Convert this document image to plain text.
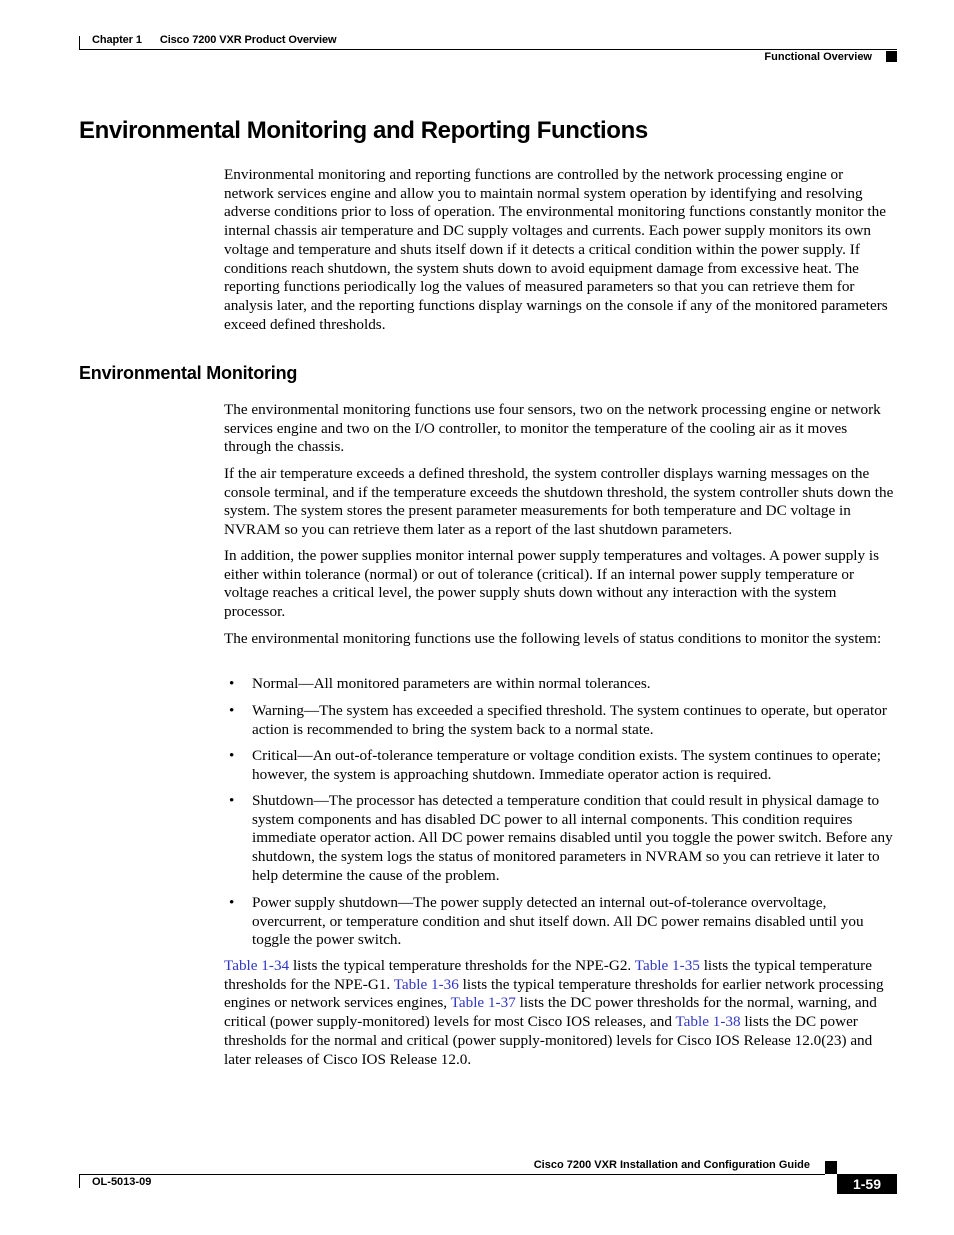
Chapter 1 Cisco 7200 VXR Product Overview
Functional Overview
Environmental Monitoring and Reporting Functions

Environmental monitoring and reporting functions are controlled by the network processing engine or network services engine and allow you to maintain normal system operation by identifying and resolving adverse conditions prior to loss of operation. The environmental monitoring functions constantly monitor the internal chassis air temperature and DC supply voltages and currents. Each power supply monitors its own voltage and temperature and shuts itself down if it detects a critical condition within the power supply. If conditions reach shutdown, the system shuts down to avoid equipment damage from excessive heat. The reporting functions periodically log the values of measured parameters so that you can retrieve them for analysis later, and the reporting functions display warnings on the console if any of the monitored parameters exceed defined thresholds.

Environmental Monitoring

The environmental monitoring functions use four sensors, two on the network processing engine or network services engine and two on the I/O controller, to monitor the temperature of the cooling air as it moves through the chassis.

If the air temperature exceeds a defined threshold, the system controller displays warning messages on the console terminal, and if the temperature exceeds the shutdown threshold, the system controller shuts down the system. The system stores the present parameter measurements for both temperature and DC voltage in NVRAM so you can retrieve them later as a report of the last shutdown parameters.

In addition, the power supplies monitor internal power supply temperatures and voltages. A power supply is either within tolerance (normal) or out of tolerance (critical). If an internal power supply temperature or voltage reaches a critical level, the power supply shuts down without any interaction with the system processor.

The environmental monitoring functions use the following levels of status conditions to monitor the system:

• Normal—All monitored parameters are within normal tolerances.
• Warning—The system has exceeded a specified threshold. The system continues to operate, but operator action is recommended to bring the system back to a normal state.
• Critical—An out-of-tolerance temperature or voltage condition exists. The system continues to operate; however, the system is approaching shutdown. Immediate operator action is required.
• Shutdown—The processor has detected a temperature condition that could result in physical damage to system components and has disabled DC power to all internal components. This condition requires immediate operator action. All DC power remains disabled until you toggle the power switch. Before any shutdown, the system logs the status of monitored parameters in NVRAM so you can retrieve it later to help determine the cause of the problem.
• Power supply shutdown—The power supply detected an internal out-of-tolerance overvoltage, overcurrent, or temperature condition and shut itself down. All DC power remains disabled until you toggle the power switch.

Table 1-34 lists the typical temperature thresholds for the NPE-G2. Table 1-35 lists the typical temperature thresholds for the NPE-G1. Table 1-36 lists the typical temperature thresholds for earlier network processing engines or network services engines, Table 1-37 lists the DC power thresholds for the normal, warning, and critical (power supply-monitored) levels for most Cisco IOS releases, and Table 1-38 lists the DC power thresholds for the normal and critical (power supply-monitored) levels for Cisco IOS Release 12.0(23) and later releases of Cisco IOS Release 12.0.

Cisco 7200 VXR Installation and Configuration Guide
OL-5013-09	1-59
